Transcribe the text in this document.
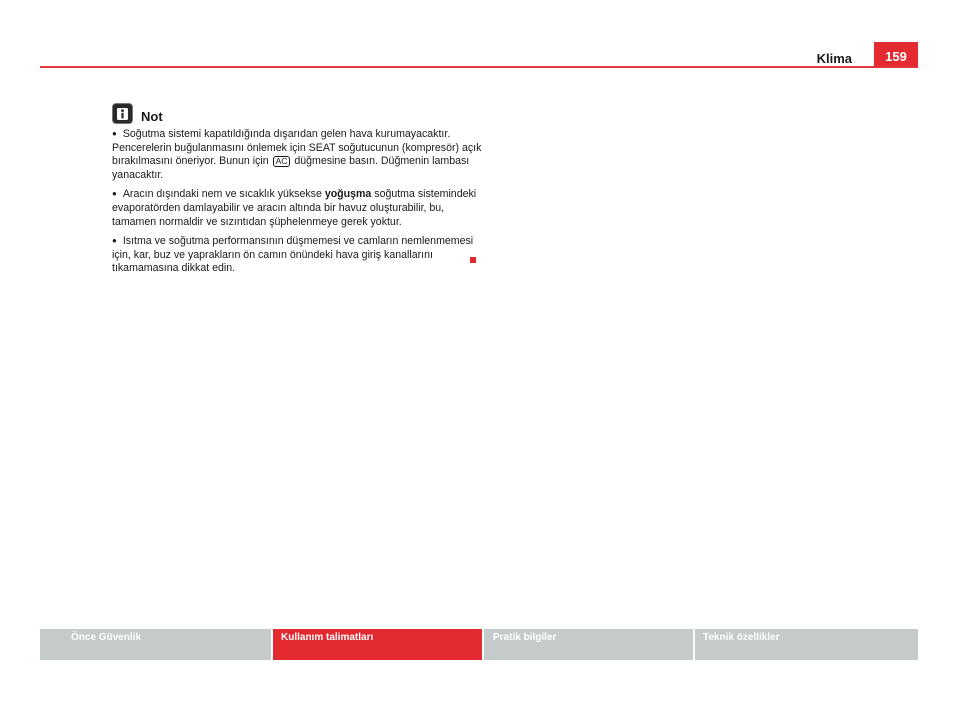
Klima	159
Not

● Soğutma sistemi kapatıldığında dışarıdan gelen hava kurumayacaktır. Pencerelerin buğulanmasını önlemek için SEAT soğutucunun (kompresör) açık bırakılmasını öneriyor. Bunun için AC düğmesine basın. Düğmenin lambası yanacaktır.

● Aracın dışındaki nem ve sıcaklık yüksekse yoğuşma soğutma sistemindeki evaporatörden damlayabilir ve aracın altında bir havuz oluşturabilir, bu, tamamen normaldir ve sızıntıdan şüphelenmeye gerek yoktur.

● Isıtma ve soğutma performansının düşmemesi ve camların nemlenmemesi için, kar, buz ve yaprakların ön camın önündeki hava giriş kanallarını tıkamamasına dikkat edin.

Önce Güvenlik	Kullanım talimatları	Pratik bilgiler	Teknik özellikler
